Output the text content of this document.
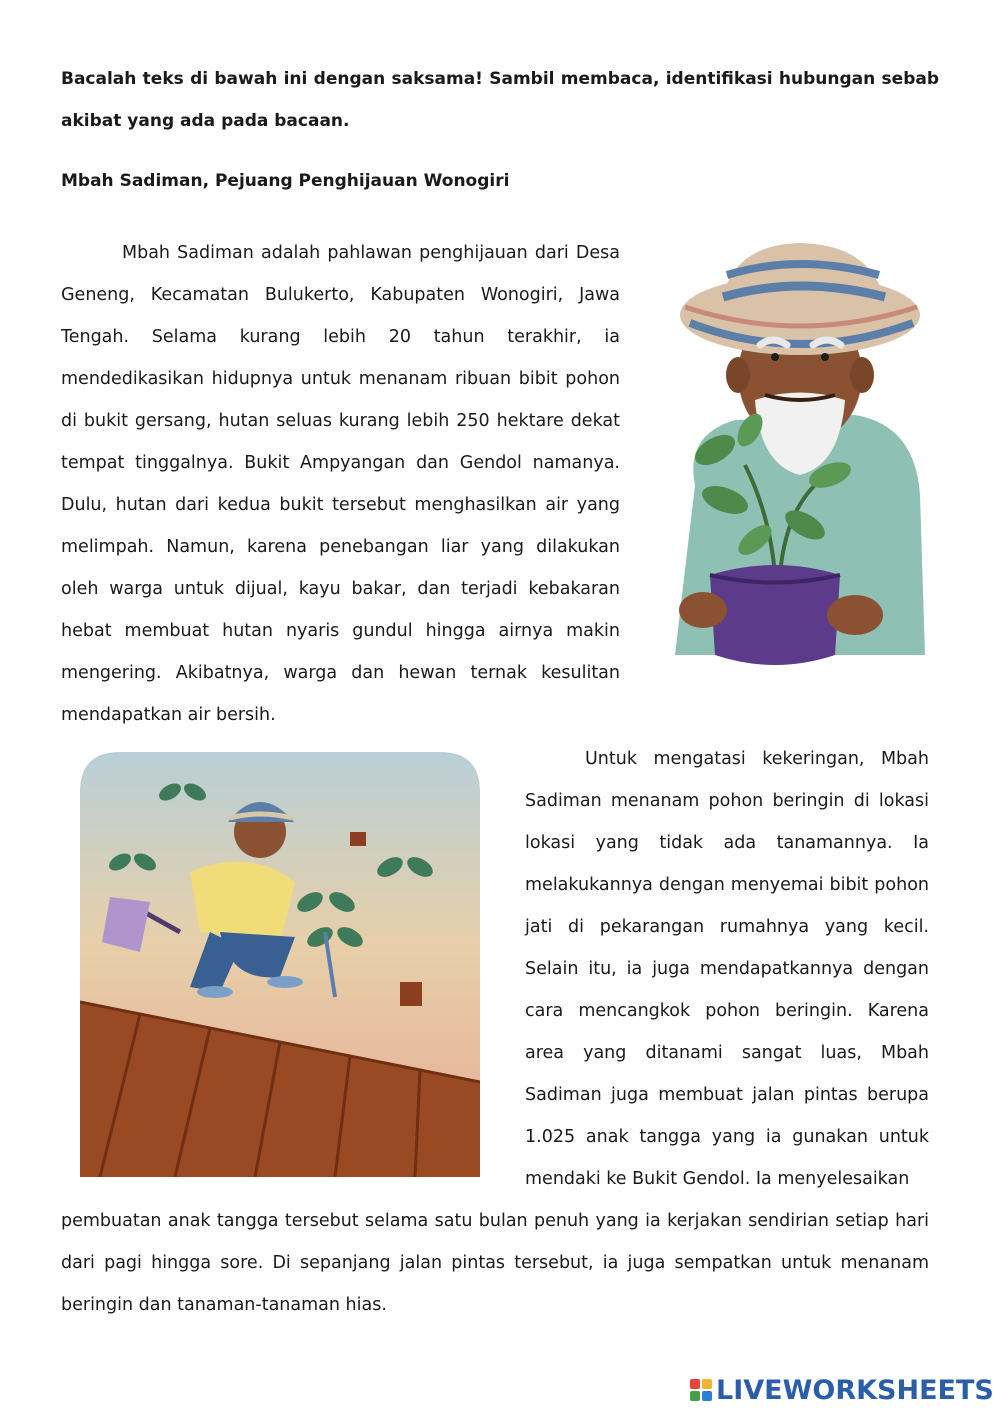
Bacalah teks di bawah ini dengan saksama! Sambil membaca, identifikasi hubungan sebab akibat yang ada pada bacaan.
Mbah Sadiman, Pejuang Penghijauan Wonogiri
Mbah Sadiman adalah pahlawan penghijauan dari Desa Geneng, Kecamatan Bulukerto, Kabupaten Wonogiri, Jawa Tengah. Selama kurang lebih 20 tahun terakhir, ia mendedikasikan hidupnya untuk menanam ribuan bibit pohon di bukit gersang, hutan seluas kurang lebih 250 hektare dekat tempat tinggalnya. Bukit Ampyangan dan Gendol namanya. Dulu, hutan dari kedua bukit tersebut menghasilkan air yang melimpah. Namun, karena penebangan liar yang dilakukan oleh warga untuk dijual, kayu bakar, dan terjadi kebakaran hebat membuat hutan nyaris gundul hingga airnya makin mengering. Akibatnya, warga dan hewan ternak kesulitan mendapatkan air bersih.
Untuk mengatasi kekeringan, Mbah Sadiman menanam pohon beringin di lokasi lokasi yang tidak ada tanamannya. Ia melakukannya dengan menyemai bibit pohon jati di pekarangan rumahnya yang kecil. Selain itu, ia juga mendapatkannya dengan cara mencangkok pohon beringin. Karena area yang ditanami sangat luas, Mbah Sadiman juga membuat jalan pintas berupa 1.025 anak tangga yang ia gunakan untuk mendaki ke Bukit Gendol. Ia menyelesaikan
pembuatan anak tangga tersebut selama satu bulan penuh yang ia kerjakan sendirian setiap hari dari pagi hingga sore. Di sepanjang jalan pintas tersebut, ia juga sempatkan untuk menanam beringin dan tanaman-tanaman hias.
LIVEWORKSHEETS
